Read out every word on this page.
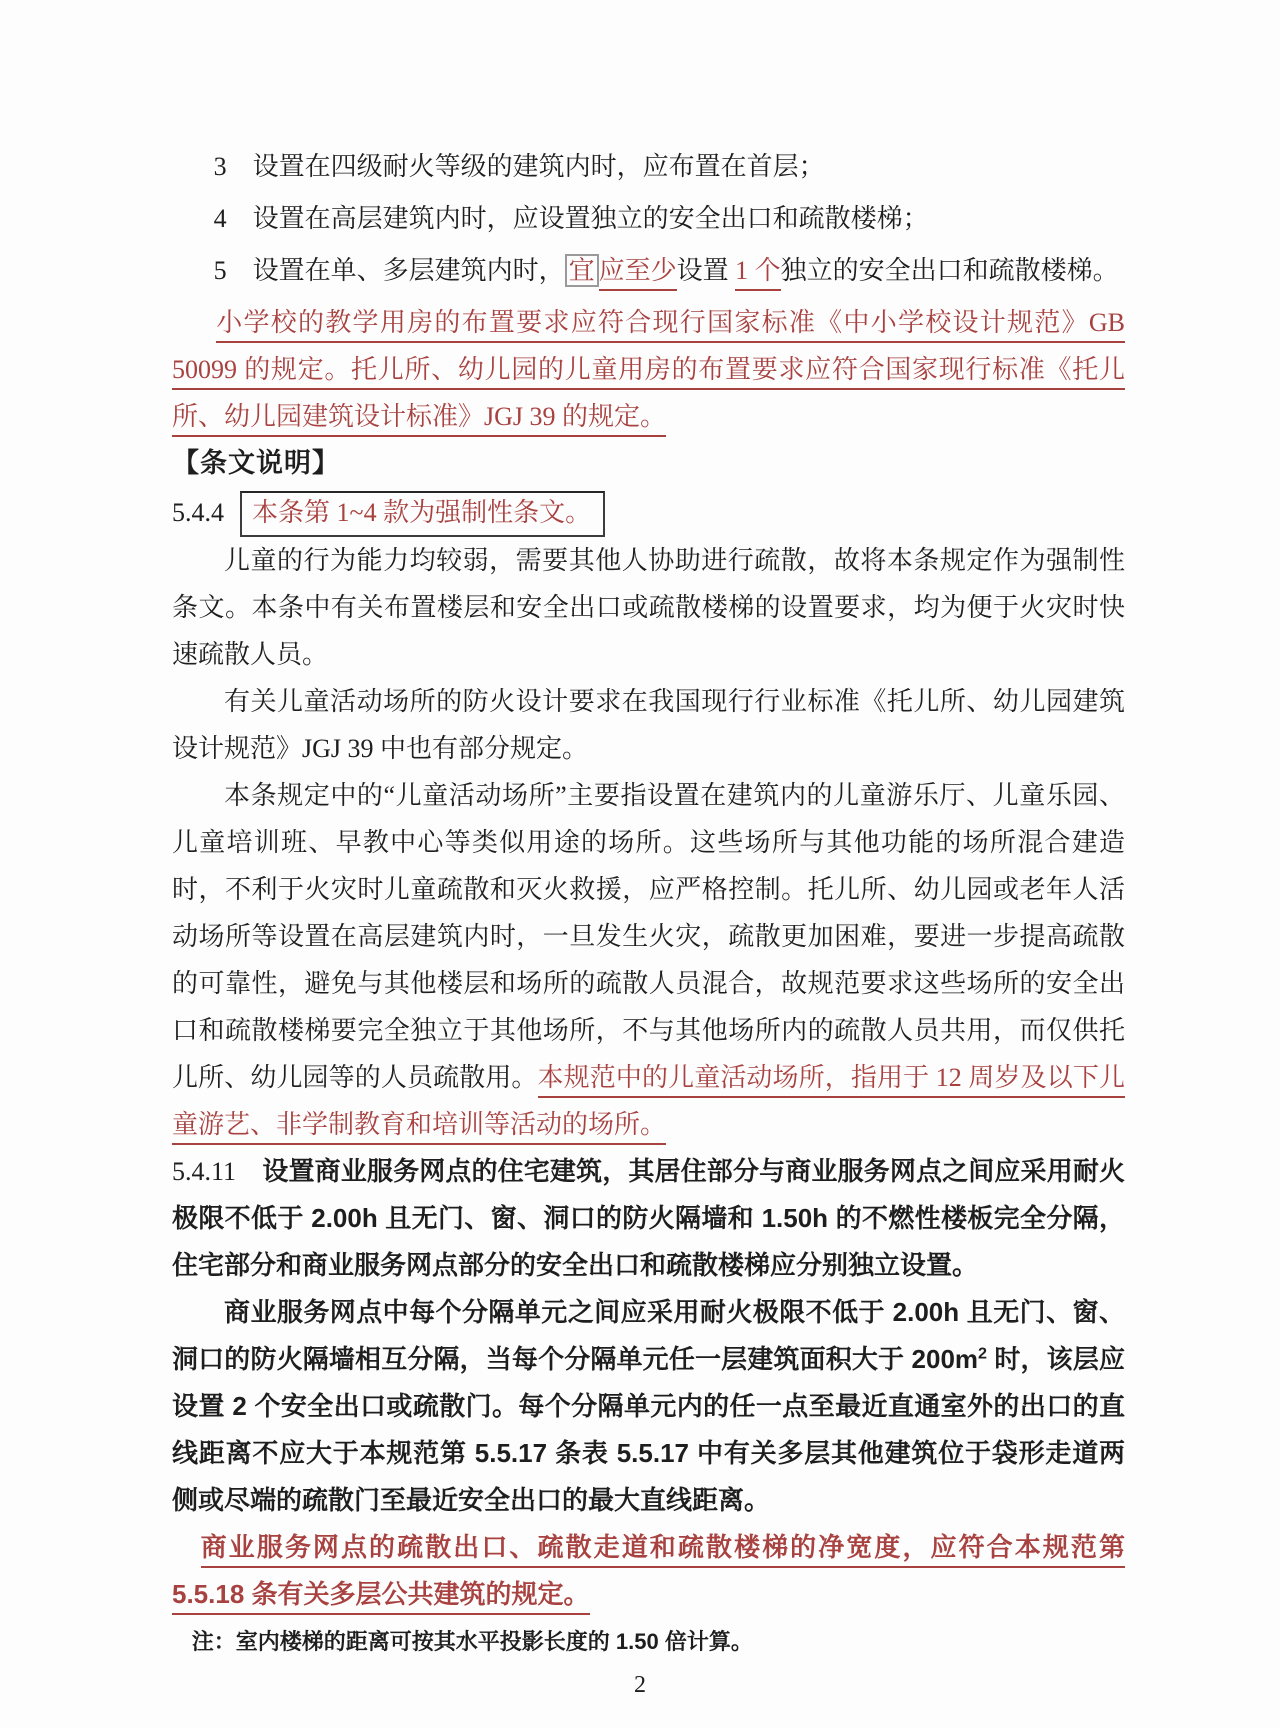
3　设置在四级耐火等级的建筑内时，应布置在首层；

4　设置在高层建筑内时，应设置独立的安全出口和疏散楼梯；

5　设置在单、多层建筑内时， 宜 应至少设置 1 个独立的安全出口和疏散楼梯。

小学校的教学用房的布置要求应符合现行国家标准《中小学校设计规范》GB 50099 的规定。托儿所、幼儿园的儿童用房的布置要求应符合国家现行标准《托儿所、幼儿园建筑设计标准》JGJ 39 的规定。

【条文说明】

5.4.4 本条第 1~4 款为强制性条文。

儿童的行为能力均较弱，需要其他人协助进行疏散，故将本条规定作为强制性条文。本条中有关布置楼层和安全出口或疏散楼梯的设置要求，均为便于火灾时快速疏散人员。

有关儿童活动场所的防火设计要求在我国现行行业标准《托儿所、幼儿园建筑设计规范》JGJ 39 中也有部分规定。

本条规定中的“儿童活动场所”主要指设置在建筑内的儿童游乐厅、儿童乐园、儿童培训班、早教中心等类似用途的场所。这些场所与其他功能的场所混合建造时，不利于火灾时儿童疏散和灭火救援，应严格控制。托儿所、幼儿园或老年人活动场所等设置在高层建筑内时，一旦发生火灾，疏散更加困难，要进一步提高疏散的可靠性，避免与其他楼层和场所的疏散人员混合，故规范要求这些场所的安全出口和疏散楼梯要完全独立于其他场所，不与其他场所内的疏散人员共用，而仅供托儿所、幼儿园等的人员疏散用。本规范中的儿童活动场所，指用于 12 周岁及以下儿童游艺、非学制教育和培训等活动的场所。

5.4.11　设置商业服务网点的住宅建筑，其居住部分与商业服务网点之间应采用耐火极限不低于 2.00h 且无门、窗、洞口的防火隔墙和 1.50h 的不燃性楼板完全分隔，住宅部分和商业服务网点部分的安全出口和疏散楼梯应分别独立设置。

商业服务网点中每个分隔单元之间应采用耐火极限不低于 2.00h 且无门、窗、洞口的防火隔墙相互分隔，当每个分隔单元任一层建筑面积大于 $200m^2$ 时，该层应设置 2 个安全出口或疏散门。每个分隔单元内的任一点至最近直通室外的出口的直线距离不应大于本规范第 5.5.17 条表 5.5.17 中有关多层其他建筑位于袋形走道两侧或尽端的疏散门至最近安全出口的最大直线距离。

商业服务网点的疏散出口、疏散走道和疏散楼梯的净宽度，应符合本规范第 5.5.18 条有关多层公共建筑的规定。

注：室内楼梯的距离可按其水平投影长度的 1.50 倍计算。

2
